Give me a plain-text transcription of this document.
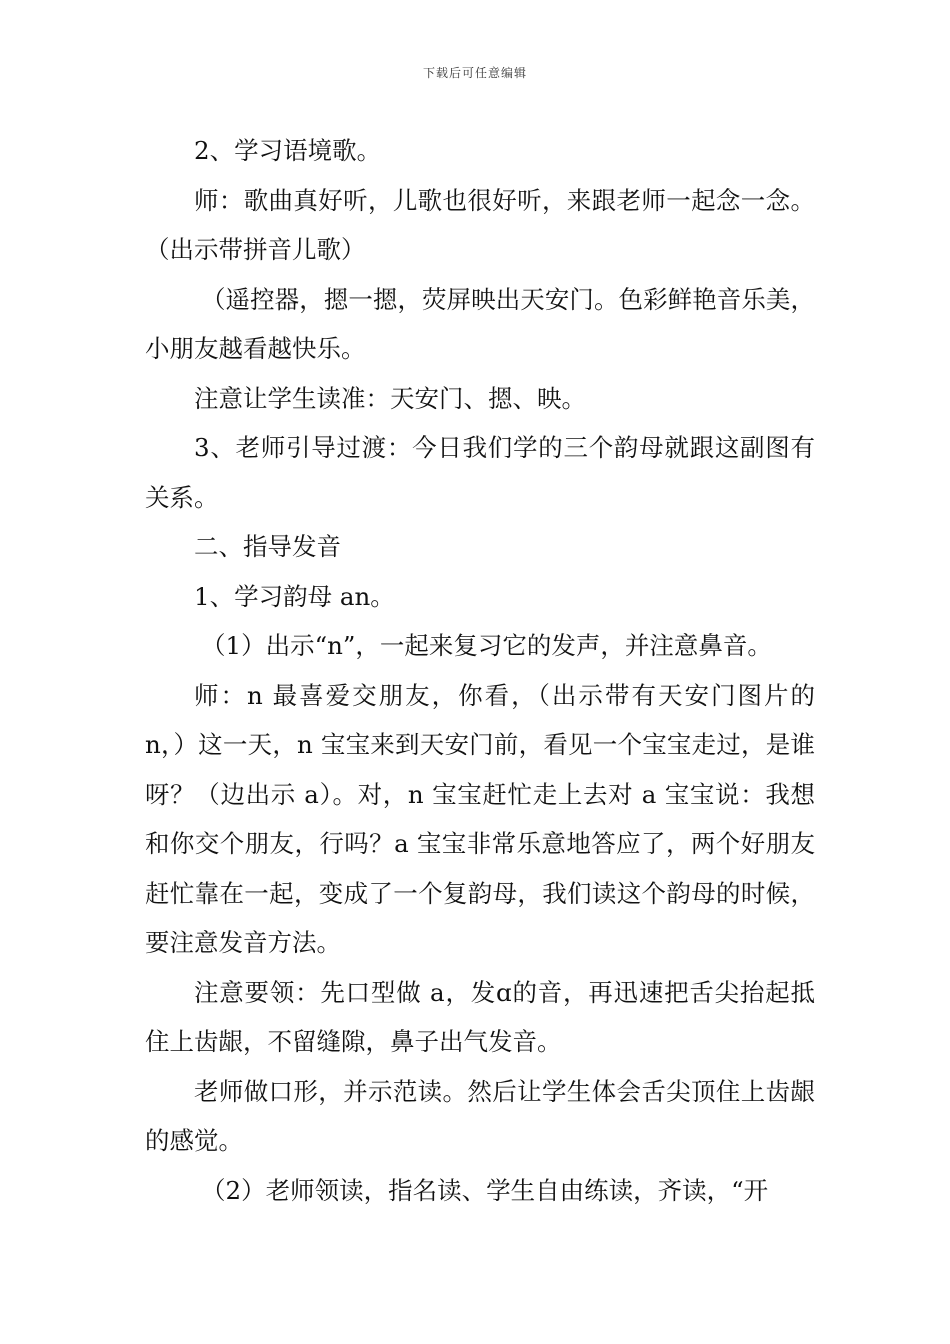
下载后可任意编辑

2、学习语境歌。

师：歌曲真好听，儿歌也很好听，来跟老师一起念一念。（出示带拼音儿歌）

（遥控器，摁一摁，荧屏映出天安门。色彩鲜艳音乐美，小朋友越看越快乐。

注意让学生读准：天安门、摁、映。

3、老师引导过渡：今日我们学的三个韵母就跟这副图有关系。

二、指导发音

1、学习韵母 an。

（1）出示“n”，一起来复习它的发声，并注意鼻音。

师：n 最喜爱交朋友，你看，（出示带有天安门图片的 n，）这一天，n 宝宝来到天安门前，看见一个宝宝走过，是谁呀？（边出示 a）。对，n 宝宝赶忙走上去对 a 宝宝说：我想和你交个朋友，行吗？a 宝宝非常乐意地答应了，两个好朋友赶忙靠在一起，变成了一个复韵母，我们读这个韵母的时候，要注意发音方法。

注意要领：先口型做 a，发ɑ的音，再迅速把舌尖抬起抵住上齿龈，不留缝隙，鼻子出气发音。

老师做口形，并示范读。然后让学生体会舌尖顶住上齿龈的感觉。

（2）老师领读，指名读、学生自由练读，齐读，“开
